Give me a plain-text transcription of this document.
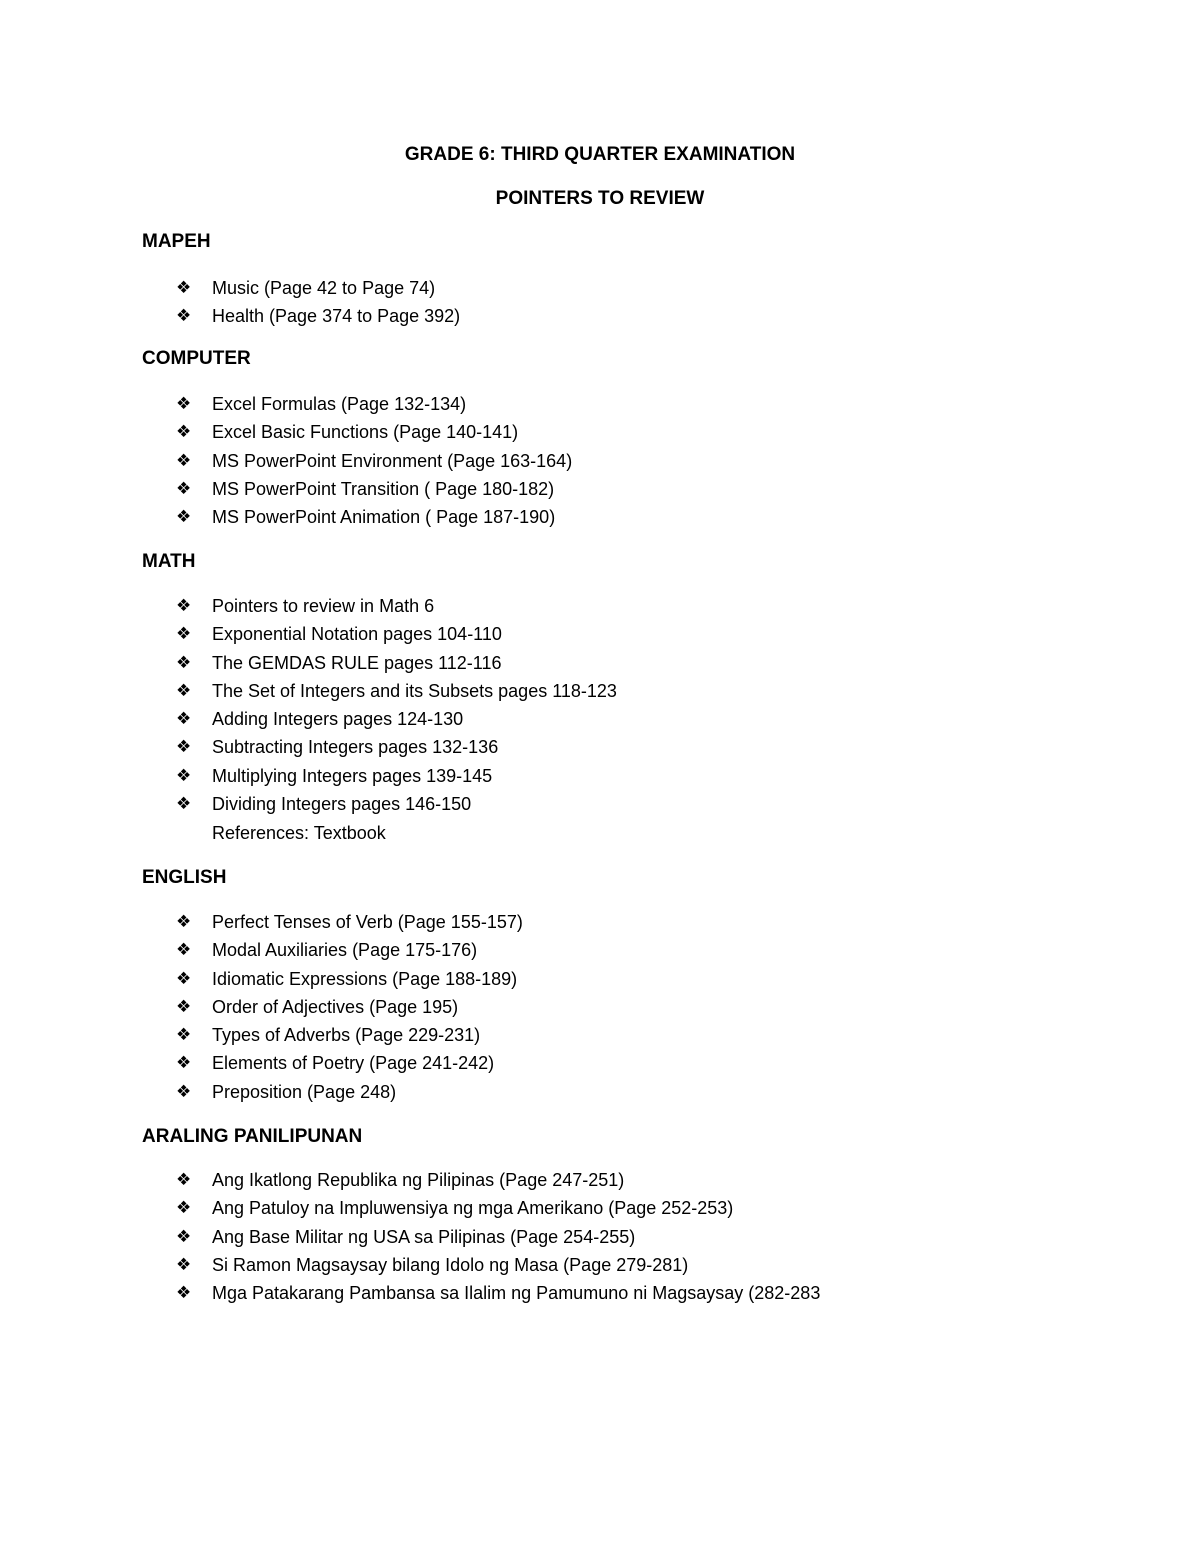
GRADE 6: THIRD QUARTER EXAMINATION
POINTERS TO REVIEW
MAPEH
❖ Music (Page 42 to Page 74)
❖ Health (Page 374 to Page 392)
COMPUTER
❖ Excel Formulas (Page 132-134)
❖ Excel Basic Functions (Page 140-141)
❖ MS PowerPoint Environment (Page 163-164)
❖ MS PowerPoint Transition ( Page 180-182)
❖ MS PowerPoint Animation ( Page 187-190)
MATH
❖ Pointers to review in Math 6
❖ Exponential Notation pages 104-110
❖ The GEMDAS RULE pages 112-116
❖ The Set of Integers and its Subsets pages 118-123
❖ Adding Integers pages 124-130
❖ Subtracting Integers pages 132-136
❖ Multiplying Integers pages 139-145
❖ Dividing Integers pages 146-150

References: Textbook

ENGLISH
❖ Perfect Tenses of Verb (Page 155-157)
❖ Modal Auxiliaries (Page 175-176)
❖ Idiomatic Expressions (Page 188-189)
❖ Order of Adjectives (Page 195)
❖ Types of Adverbs (Page 229-231)
❖ Elements of Poetry (Page 241-242)
❖ Preposition (Page 248)
ARALING PANILIPUNAN
❖ Ang Ikatlong Republika ng Pilipinas (Page 247-251)
❖ Ang Patuloy na Impluwensiya ng mga Amerikano (Page 252-253)
❖ Ang Base Militar ng USA sa Pilipinas (Page 254-255)
❖ Si Ramon Magsaysay bilang Idolo ng Masa (Page 279-281)
❖ Mga Patakarang Pambansa sa Ilalim ng Pamumuno ni Magsaysay (282-283
